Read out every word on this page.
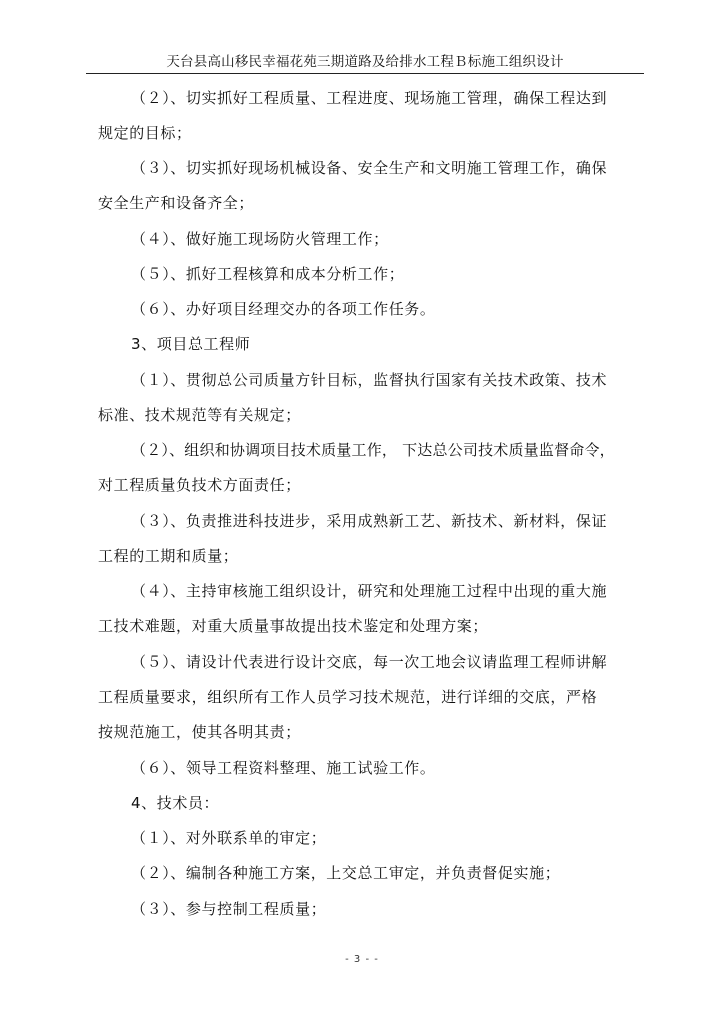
天台县高山移民幸福花苑三期道路及给排水工程Ｂ标施工组织设计
（２）、切实抓好工程质量、工程进度、现场施工管理，确保工程达到
规定的目标；
（３）、切实抓好现场机械设备、安全生产和文明施工管理工作，确保
安全生产和设备齐全；
（４）、做好施工现场防火管理工作；
（５）、抓好工程核算和成本分析工作；
（６）、办好项目经理交办的各项工作任务。
3、项目总工程师
（１）、贯彻总公司质量方针目标，监督执行国家有关技术政策、技术
标准、技术规范等有关规定；
（２）、组织和协调项目技术质量工作， 下达总公司技术质量监督命令，
对工程质量负技术方面责任；
（３）、负责推进科技进步，采用成熟新工艺、新技术、新材料，保证
工程的工期和质量；
（４）、主持审核施工组织设计，研究和处理施工过程中出现的重大施
工技术难题，对重大质量事故提出技术鉴定和处理方案；
（５）、请设计代表进行设计交底，每一次工地会议请监理工程师讲解
工程质量要求，组织所有工作人员学习技术规范，进行详细的交底，严格
按规范施工，使其各明其责；
（６）、领导工程资料整理、施工试验工作。
4、技术员：
（１）、对外联系单的审定；
（２）、编制各种施工方案，上交总工审定，并负责督促实施；
（３）、参与控制工程质量；
- 3 - -
